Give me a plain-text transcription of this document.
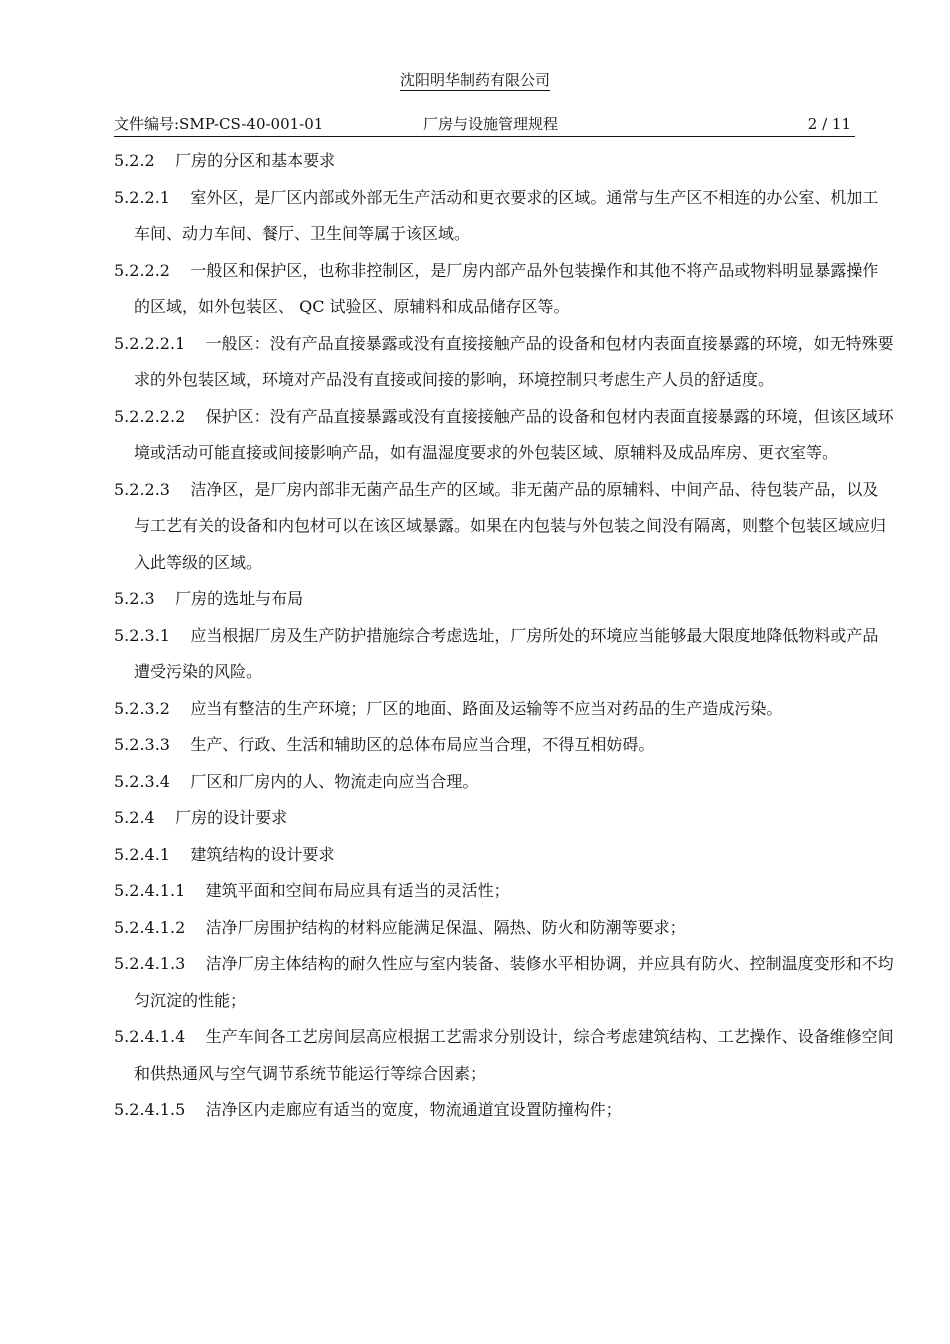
沈阳明华制药有限公司
文件编号:SMP-CS-40-001-01	厂房与设施管理规程	2 / 11

5.2.2 厂房的分区和基本要求

5.2.2.1 室外区，是厂区内部或外部无生产活动和更衣要求的区域。通常与生产区不相连的办公室、机加工车间、动力车间、餐厅、卫生间等属于该区域。

5.2.2.2 一般区和保护区，也称非控制区，是厂房内部产品外包装操作和其他不将产品或物料明显暴露操作的区域，如外包装区、 QC 试验区、原辅料和成品储存区等。

5.2.2.2.1 一般区：没有产品直接暴露或没有直接接触产品的设备和包材内表面直接暴露的环境，如无特殊要求的外包装区域，环境对产品没有直接或间接的影响，环境控制只考虑生产人员的舒适度。

5.2.2.2.2 保护区：没有产品直接暴露或没有直接接触产品的设备和包材内表面直接暴露的环境，但该区域环境或活动可能直接或间接影响产品，如有温湿度要求的外包装区域、原辅料及成品库房、更衣室等。

5.2.2.3 洁净区，是厂房内部非无菌产品生产的区域。非无菌产品的原辅料、中间产品、待包装产品，以及与工艺有关的设备和内包材可以在该区域暴露。如果在内包装与外包装之间没有隔离，则整个包装区域应归入此等级的区域。

5.2.3 厂房的选址与布局

5.2.3.1 应当根据厂房及生产防护措施综合考虑选址，厂房所处的环境应当能够最大限度地降低物料或产品遭受污染的风险。

5.2.3.2 应当有整洁的生产环境；厂区的地面、路面及运输等不应当对药品的生产造成污染。

5.2.3.3 生产、行政、生活和辅助区的总体布局应当合理，不得互相妨碍。

5.2.3.4 厂区和厂房内的人、物流走向应当合理。

5.2.4 厂房的设计要求

5.2.4.1 建筑结构的设计要求

5.2.4.1.1 建筑平面和空间布局应具有适当的灵活性；

5.2.4.1.2 洁净厂房围护结构的材料应能满足保温、隔热、防火和防潮等要求；

5.2.4.1.3 洁净厂房主体结构的耐久性应与室内装备、装修水平相协调，并应具有防火、控制温度变形和不均匀沉淀的性能；

5.2.4.1.4 生产车间各工艺房间层高应根据工艺需求分别设计，综合考虑建筑结构、工艺操作、设备维修空间和供热通风与空气调节系统节能运行等综合因素；

5.2.4.1.5 洁净区内走廊应有适当的宽度，物流通道宜设置防撞构件；
